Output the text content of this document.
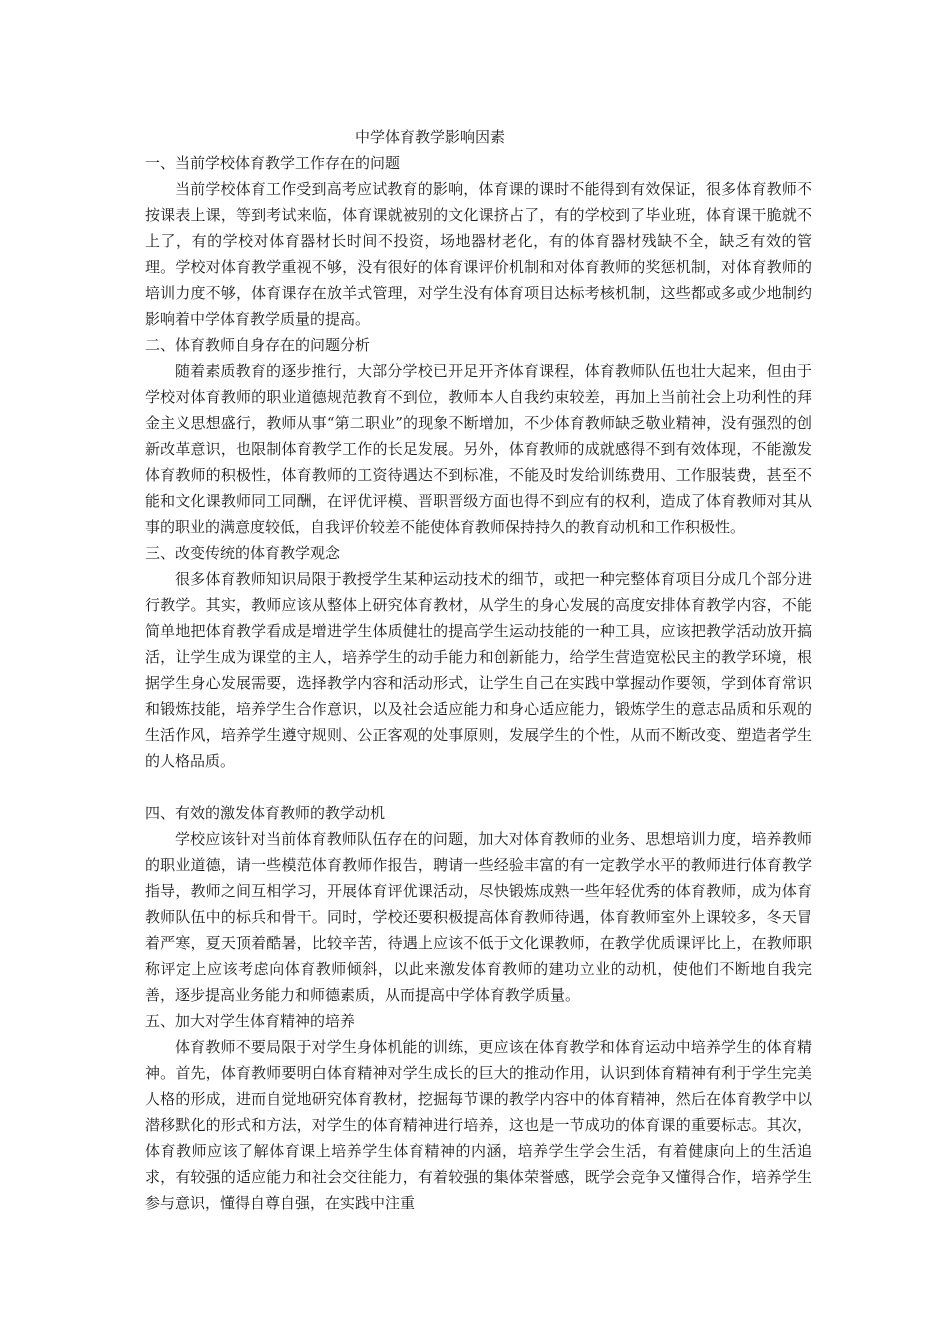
中学体育教学影响因素
一、当前学校体育教学工作存在的问题

当前学校体育工作受到高考应试教育的影响，体育课的课时不能得到有效保证，很多体育教师不按课表上课，等到考试来临，体育课就被别的文化课挤占了，有的学校到了毕业班，体育课干脆就不上了，有的学校对体育器材长时间不投资，场地器材老化，有的体育器材残缺不全，缺乏有效的管理。学校对体育教学重视不够，没有很好的体育课评价机制和对体育教师的奖惩机制，对体育教师的培训力度不够，体育课存在放羊式管理，对学生没有体育项目达标考核机制，这些都或多或少地制约影响着中学体育教学质量的提高。

二、体育教师自身存在的问题分析

随着素质教育的逐步推行，大部分学校已开足开齐体育课程，体育教师队伍也壮大起来，但由于学校对体育教师的职业道德规范教育不到位，教师本人自我约束较差，再加上当前社会上功利性的拜金主义思想盛行，教师从事“第二职业”的现象不断增加，不少体育教师缺乏敬业精神，没有强烈的创新改革意识，也限制体育教学工作的长足发展。另外，体育教师的成就感得不到有效体现，不能激发体育教师的积极性，体育教师的工资待遇达不到标准，不能及时发给训练费用、工作服装费，甚至不能和文化课教师同工同酬，在评优评模、晋职晋级方面也得不到应有的权利，造成了体育教师对其从事的职业的满意度较低，自我评价较差不能使体育教师保持持久的教育动机和工作积极性。

三、改变传统的体育教学观念

很多体育教师知识局限于教授学生某种运动技术的细节，或把一种完整体育项目分成几个部分进行教学。其实，教师应该从整体上研究体育教材，从学生的身心发展的高度安排体育教学内容，不能简单地把体育教学看成是增进学生体质健壮的提高学生运动技能的一种工具，应该把教学活动放开搞活，让学生成为课堂的主人，培养学生的动手能力和创新能力，给学生营造宽松民主的教学环境，根据学生身心发展需要，选择教学内容和活动形式，让学生自己在实践中掌握动作要领，学到体育常识和锻炼技能，培养学生合作意识，以及社会适应能力和身心适应能力，锻炼学生的意志品质和乐观的生活作风，培养学生遵守规则、公正客观的处事原则，发展学生的个性，从而不断改变、塑造者学生的人格品质。

四、有效的激发体育教师的教学动机

学校应该针对当前体育教师队伍存在的问题，加大对体育教师的业务、思想培训力度，培养教师的职业道德，请一些模范体育教师作报告，聘请一些经验丰富的有一定教学水平的教师进行体育教学指导，教师之间互相学习，开展体育评优课活动，尽快锻炼成熟一些年轻优秀的体育教师，成为体育教师队伍中的标兵和骨干。同时，学校还要积极提高体育教师待遇，体育教师室外上课较多，冬天冒着严寒，夏天顶着酷暑，比较辛苦，待遇上应该不低于文化课教师，在教学优质课评比上，在教师职称评定上应该考虑向体育教师倾斜，以此来激发体育教师的建功立业的动机，使他们不断地自我完善，逐步提高业务能力和师德素质，从而提高中学体育教学质量。

五、加大对学生体育精神的培养

体育教师不要局限于对学生身体机能的训练，更应该在体育教学和体育运动中培养学生的体育精神。首先，体育教师要明白体育精神对学生成长的巨大的推动作用，认识到体育精神有利于学生完美人格的形成，进而自觉地研究体育教材，挖掘每节课的教学内容中的体育精神，然后在体育教学中以潜移默化的形式和方法，对学生的体育精神进行培养，这也是一节成功的体育课的重要标志。其次，体育教师应该了解体育课上培养学生体育精神的内涵，培养学生学会生活，有着健康向上的生活追求，有较强的适应能力和社会交往能力，有着较强的集体荣誉感，既学会竞争又懂得合作，培养学生参与意识，懂得自尊自强，在实践中注重
